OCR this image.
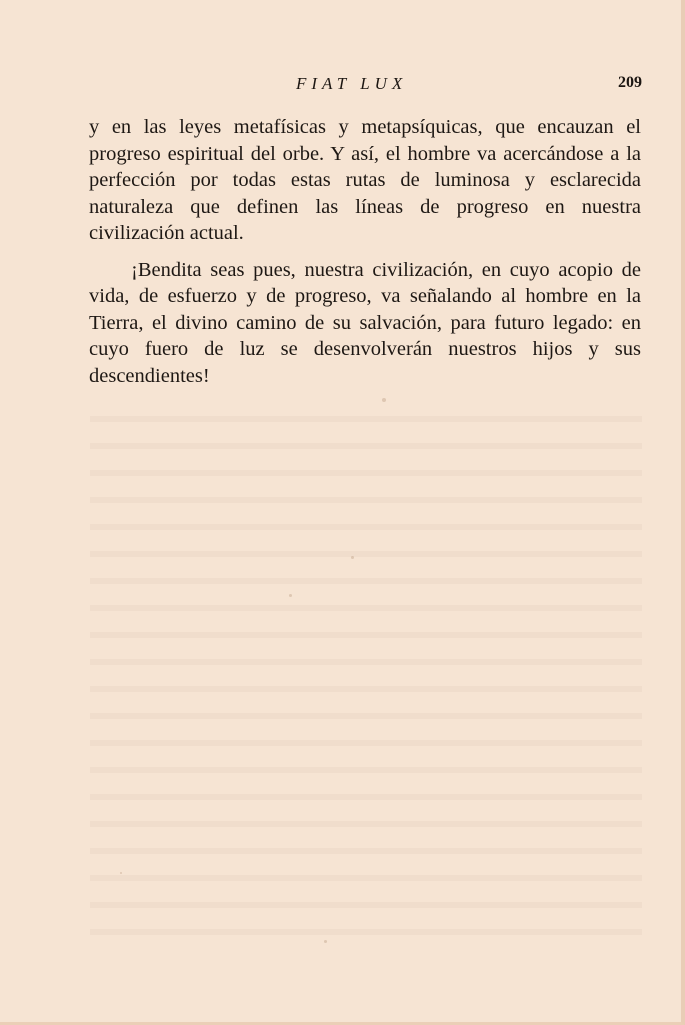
FIAT LUX	209

y en las leyes metafísicas y metapsíquicas, que encauzan el progreso espiritual del orbe. Y así, el hombre va acercándose a la perfección por todas estas rutas de luminosa y esclarecida naturaleza que definen las líneas de progreso en nuestra civilización actual.

¡Bendita seas pues, nuestra civilización, en cuyo acopio de vida, de esfuerzo y de progreso, va señalando al hombre en la Tierra, el divino camino de su salvación, para futuro legado: en cuyo fuero de luz se desenvolverán nuestros hijos y sus descendientes!
